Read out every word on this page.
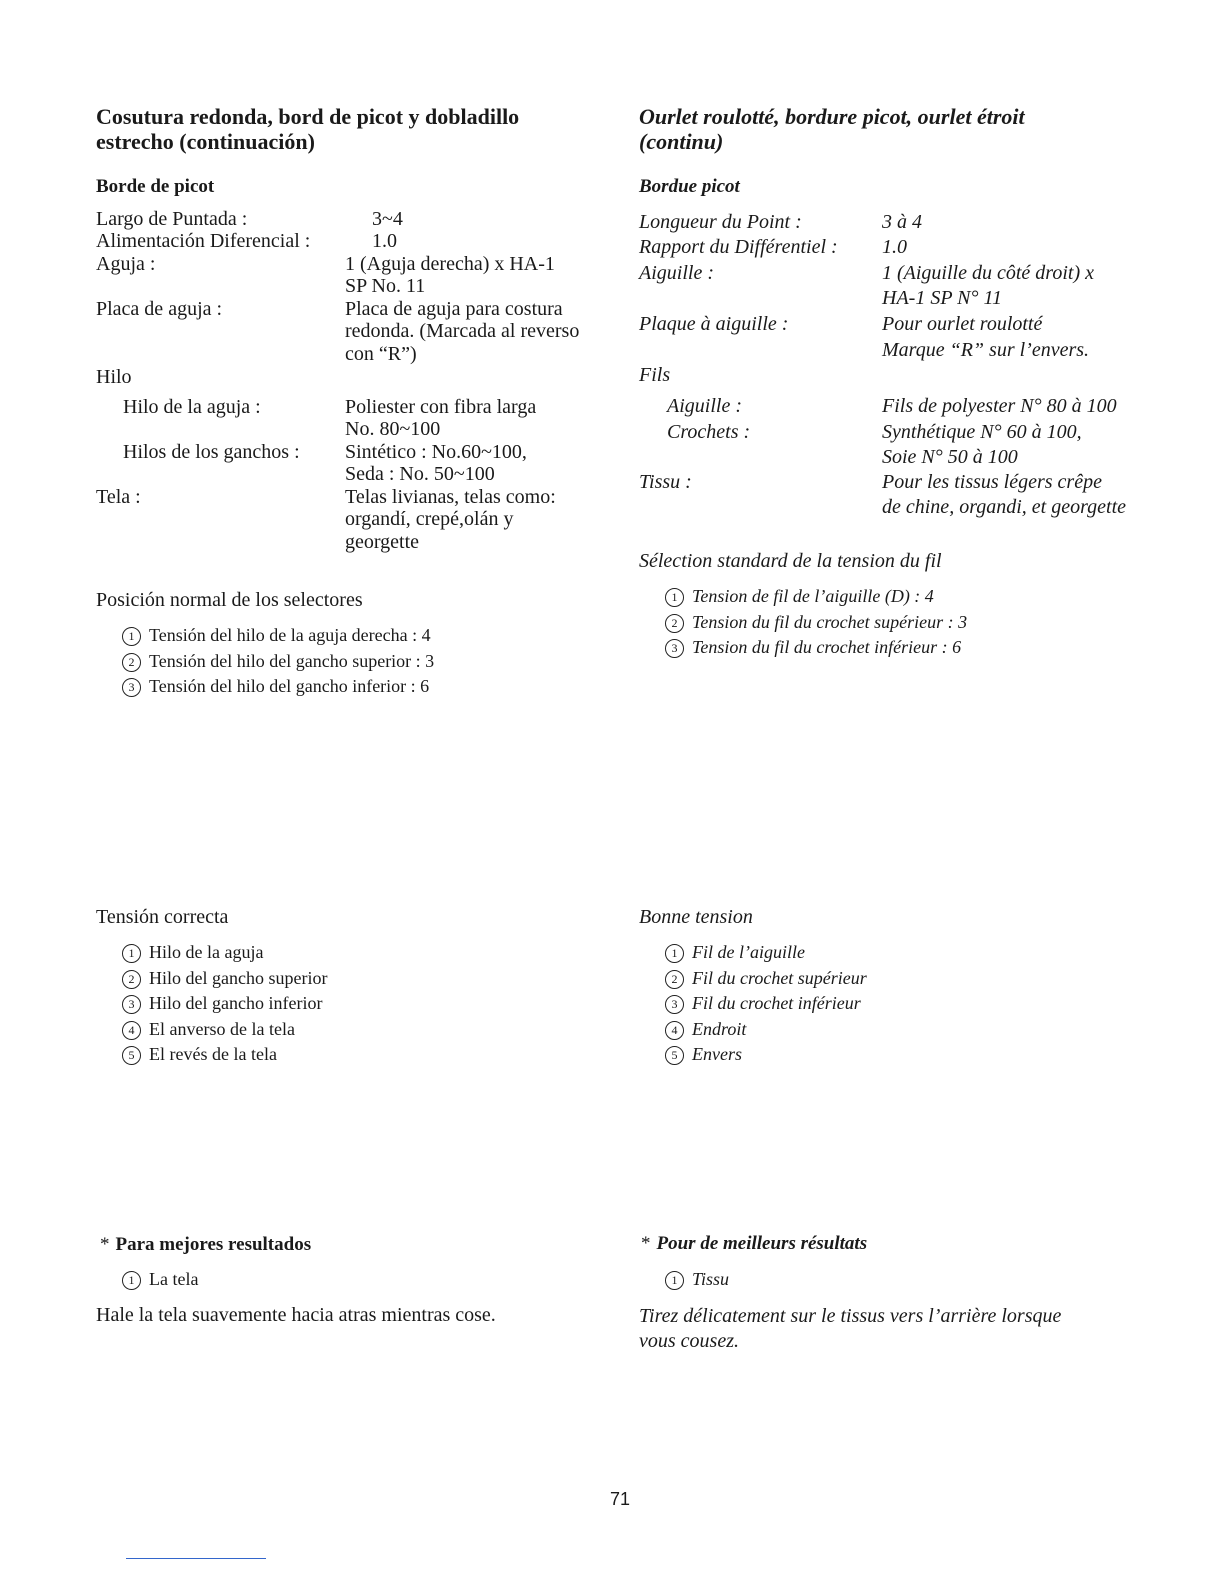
Cosutura redonda, bord de picot y dobladillo
estrecho (continuación)
Borde de picot
Largo de Puntada :	3~4
Alimentación Diferencial :	1.0
Aguja :	1 (Aguja derecha) x HA-1
SP No. 11
Placa de aguja :	Placa de aguja para costura
redonda. (Marcada al reverso
con “R”)
Hilo
Hilo de la aguja :	Poliester con fibra larga
No. 80~100
Hilos de los ganchos : Sintético : No.60~100,
Seda : No. 50~100
Tela :	Telas livianas, telas como:
organdí, crepé,olán y
georgette
Posición normal de los selectores
1 Tensión del hilo de la aguja derecha : 4
2 Tensión del hilo del gancho superior : 3
3 Tensión del hilo del gancho inferior : 6
Tensión correcta
1 Hilo de la aguja
2 Hilo del gancho superior
3 Hilo del gancho inferior
4 El anverso de la tela
5 El revés de la tela
* Para mejores resultados
1 La tela
Hale la tela suavemente hacia atras mientras cose.
Ourlet roulotté, bordure picot, ourlet étroit
(continu)
Bordue picot
Longueur du Point :	3 à 4
Rapport du Différentiel : 1.0
Aiguille :	1 (Aiguille du côté droit) x
HA-1 SP N° 11
Plaque à aiguille :	Pour ourlet roulotté
Marque “R” sur l’envers.
Fils
Aiguille :	Fils de polyester N° 80 à 100
Crochets :	Synthétique N° 60 à 100,
Soie N° 50 à 100
Tissu :	Pour les tissus légers crêpe
de chine, organdi, et georgette
Sélection standard de la tension du fil
1 Tension de fil de l’aiguille (D) : 4
2 Tension du fil du crochet supérieur : 3
3 Tension du fil du crochet inférieur : 6
Bonne tension
1 Fil de l’aiguille
2 Fil du crochet supérieur
3 Fil du crochet inférieur
4 Endroit
5 Envers
* Pour de meilleurs résultats
1 Tissu
Tirez délicatement sur le tissus vers l’arrière lorsque
vous cousez.
71
